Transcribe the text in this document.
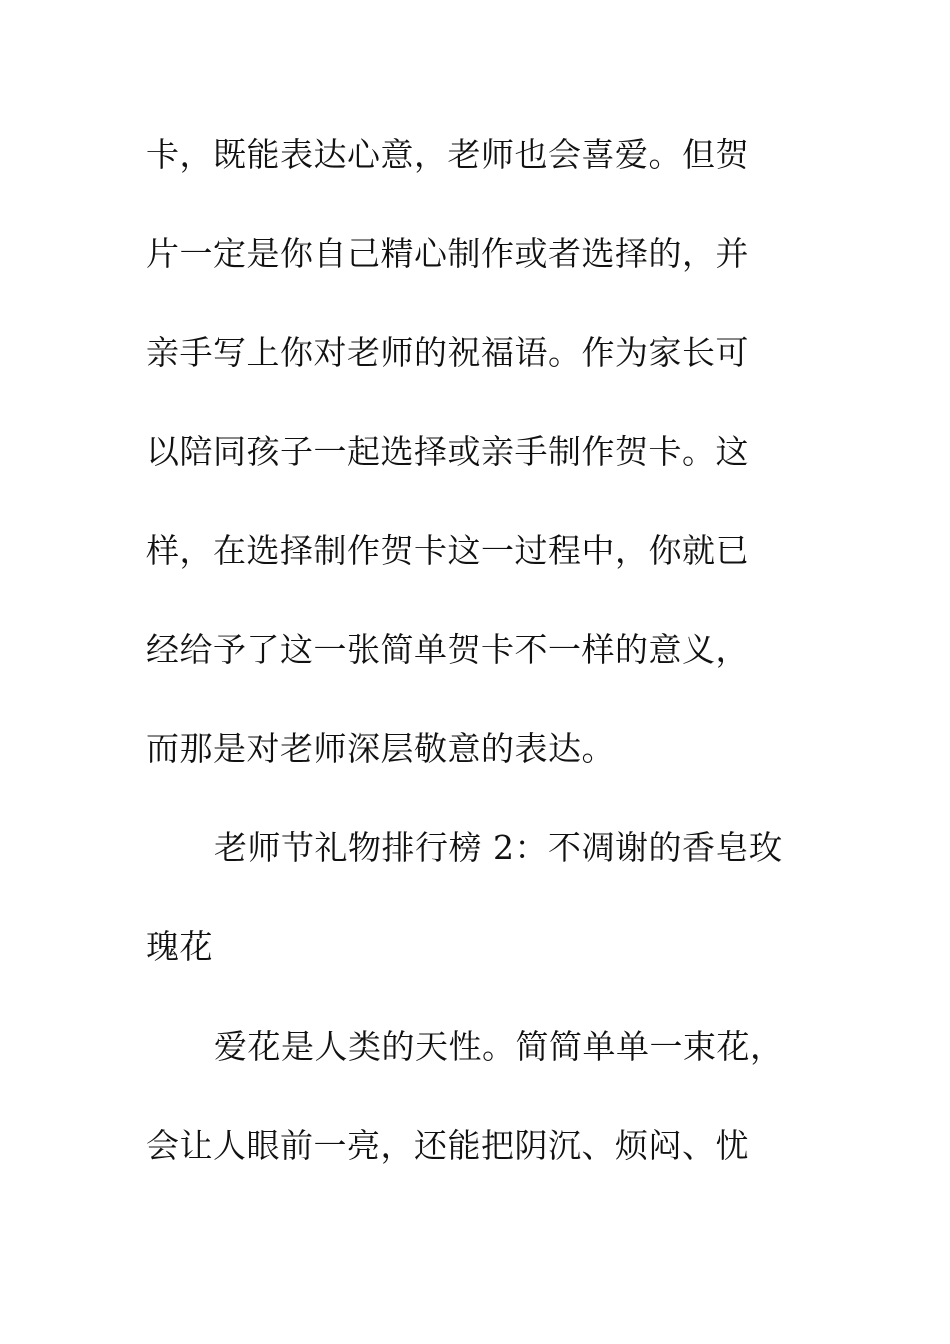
卡，既能表达心意，老师也会喜爱。但贺

片一定是你自己精心制作或者选择的，并

亲手写上你对老师的祝福语。作为家长可

以陪同孩子一起选择或亲手制作贺卡。这

样，在选择制作贺卡这一过程中，你就已

经给予了这一张简单贺卡不一样的意义，

而那是对老师深层敬意的表达。

老师节礼物排行榜 2：不凋谢的香皂玫

瑰花

爱花是人类的天性。简简单单一束花，

会让人眼前一亮，还能把阴沉、烦闷、忧
